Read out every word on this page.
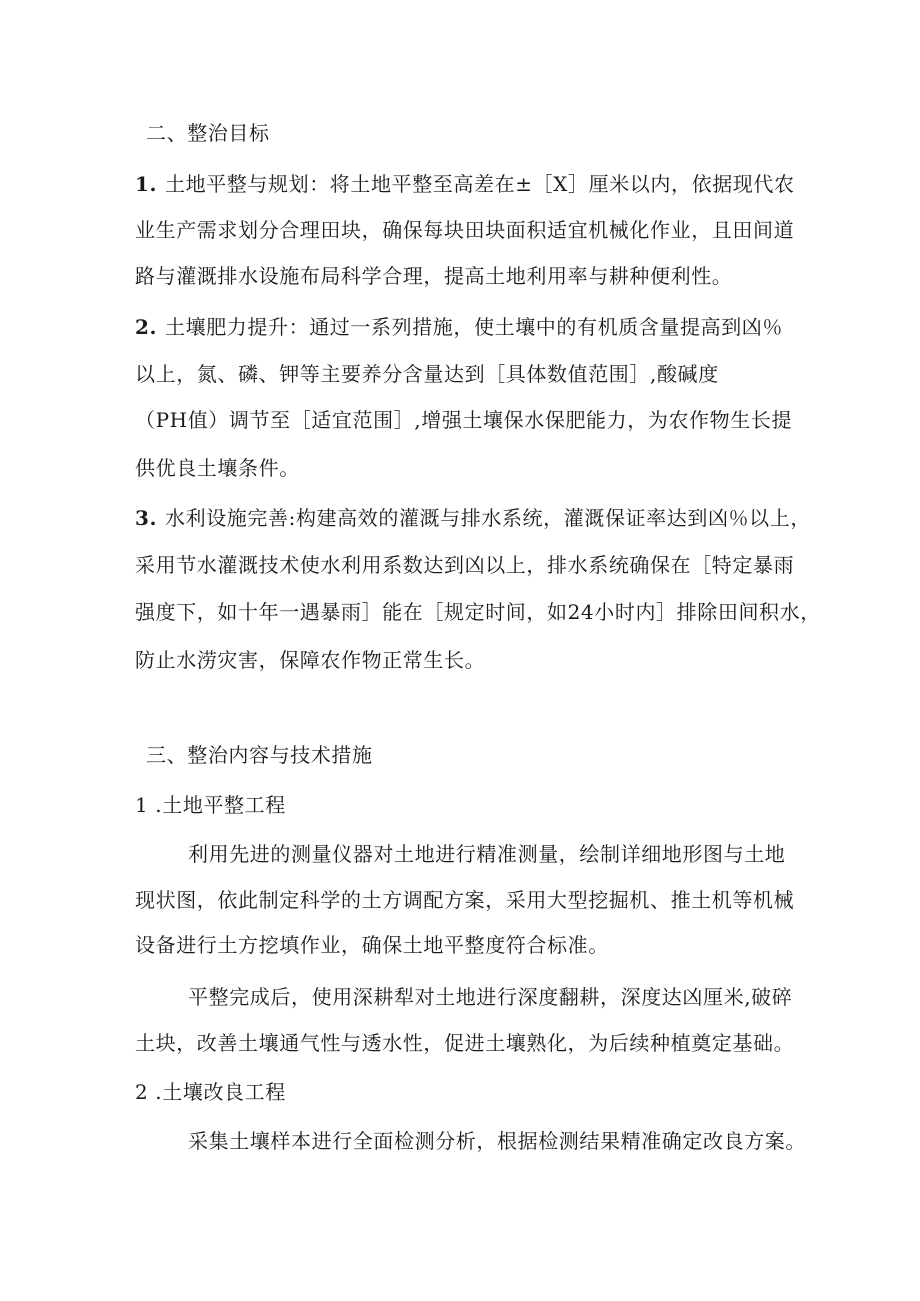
二、整治目标
1. 土地平整与规划：将土地平整至高差在±［X］厘米以内，依据现代农
业生产需求划分合理田块，确保每块田块面积适宜机械化作业，且田间道
路与灌溉排水设施布局科学合理，提高土地利用率与耕种便利性。
2. 土壤肥力提升：通过一系列措施，使土壤中的有机质含量提高到凶％
以上，氮、磷、钾等主要养分含量达到［具体数值范围］,酸碱度
（PH值）调节至［适宜范围］,增强土壤保水保肥能力，为农作物生长提
供优良土壤条件。
3. 水利设施完善:构建高效的灌溉与排水系统，灌溉保证率达到凶％以上，
采用节水灌溉技术使水利用系数达到凶以上，排水系统确保在［特定暴雨
强度下，如十年一遇暴雨］能在［规定时间，如24小时内］排除田间积水，
防止水涝灾害，保障农作物正常生长。
三、整治内容与技术措施
1 .土地平整工程
利用先进的测量仪器对土地进行精准测量，绘制详细地形图与土地
现状图，依此制定科学的土方调配方案，采用大型挖掘机、推土机等机械
设备进行土方挖填作业，确保土地平整度符合标准。
平整完成后，使用深耕犁对土地进行深度翻耕，深度达凶厘米,破碎
土块，改善土壤通气性与透水性，促进土壤熟化，为后续种植奠定基础。
2 .土壤改良工程
采集土壤样本进行全面检测分析，根据检测结果精准确定改良方案。
